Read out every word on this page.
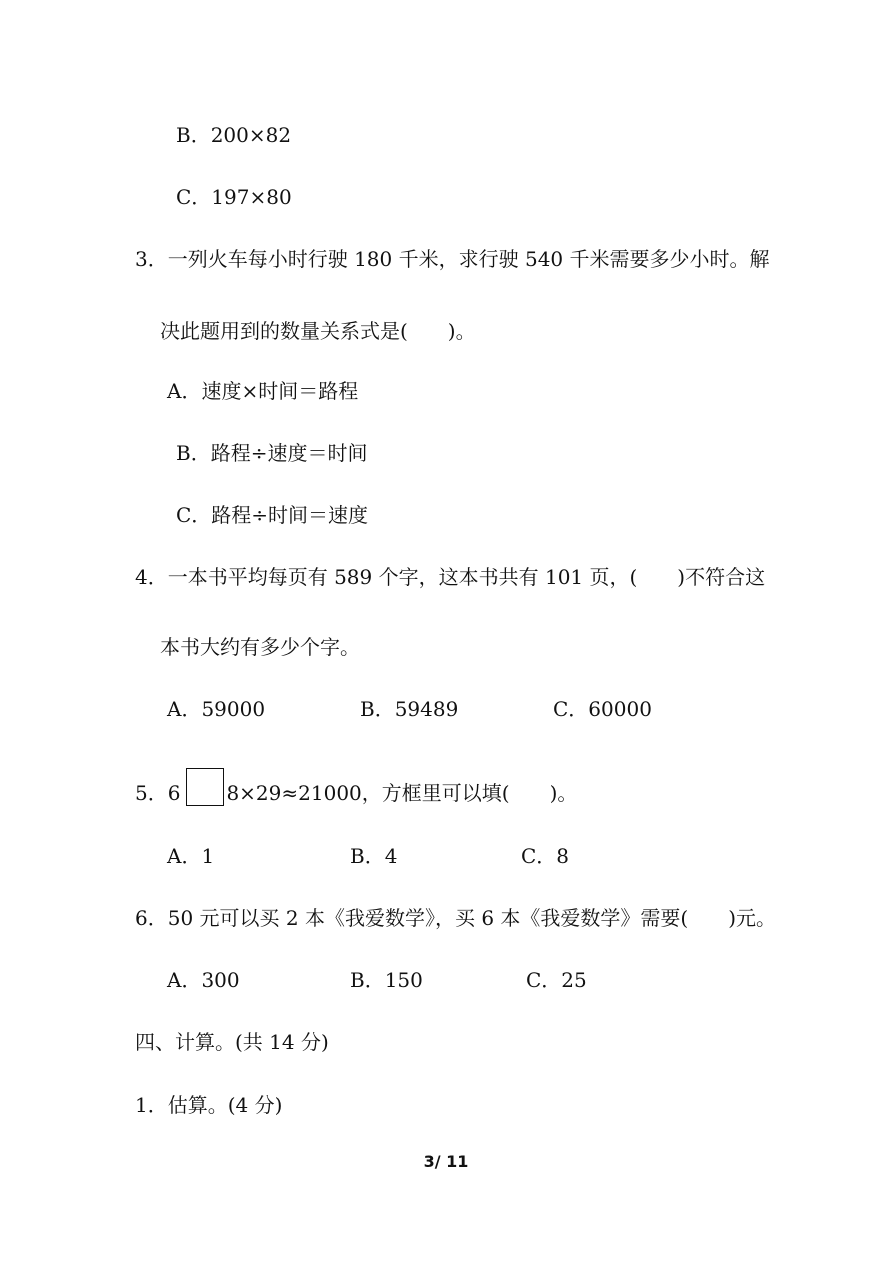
B．200×82
C．197×80
3．一列火车每小时行驶 180 千米，求行驶 540 千米需要多少小时。解
决此题用到的数量关系式是(　　)。
A．速度×时间＝路程
B．路程÷速度＝时间
C．路程÷时间＝速度
4．一本书平均每页有 589 个字，这本书共有 101 页，(　　)不符合这
本书大约有多少个字。
A．59000	B．59489	C．60000
5．6 8×29≈21000，方框里可以填(　　)。
A．1	B．4	C．8
6．50 元可以买 2 本《我爱数学》，买 6 本《我爱数学》需要(　　)元。
A．300	B．150	C．25
四、计算。(共 14 分)
1．估算。(4 分)
3/ 11
